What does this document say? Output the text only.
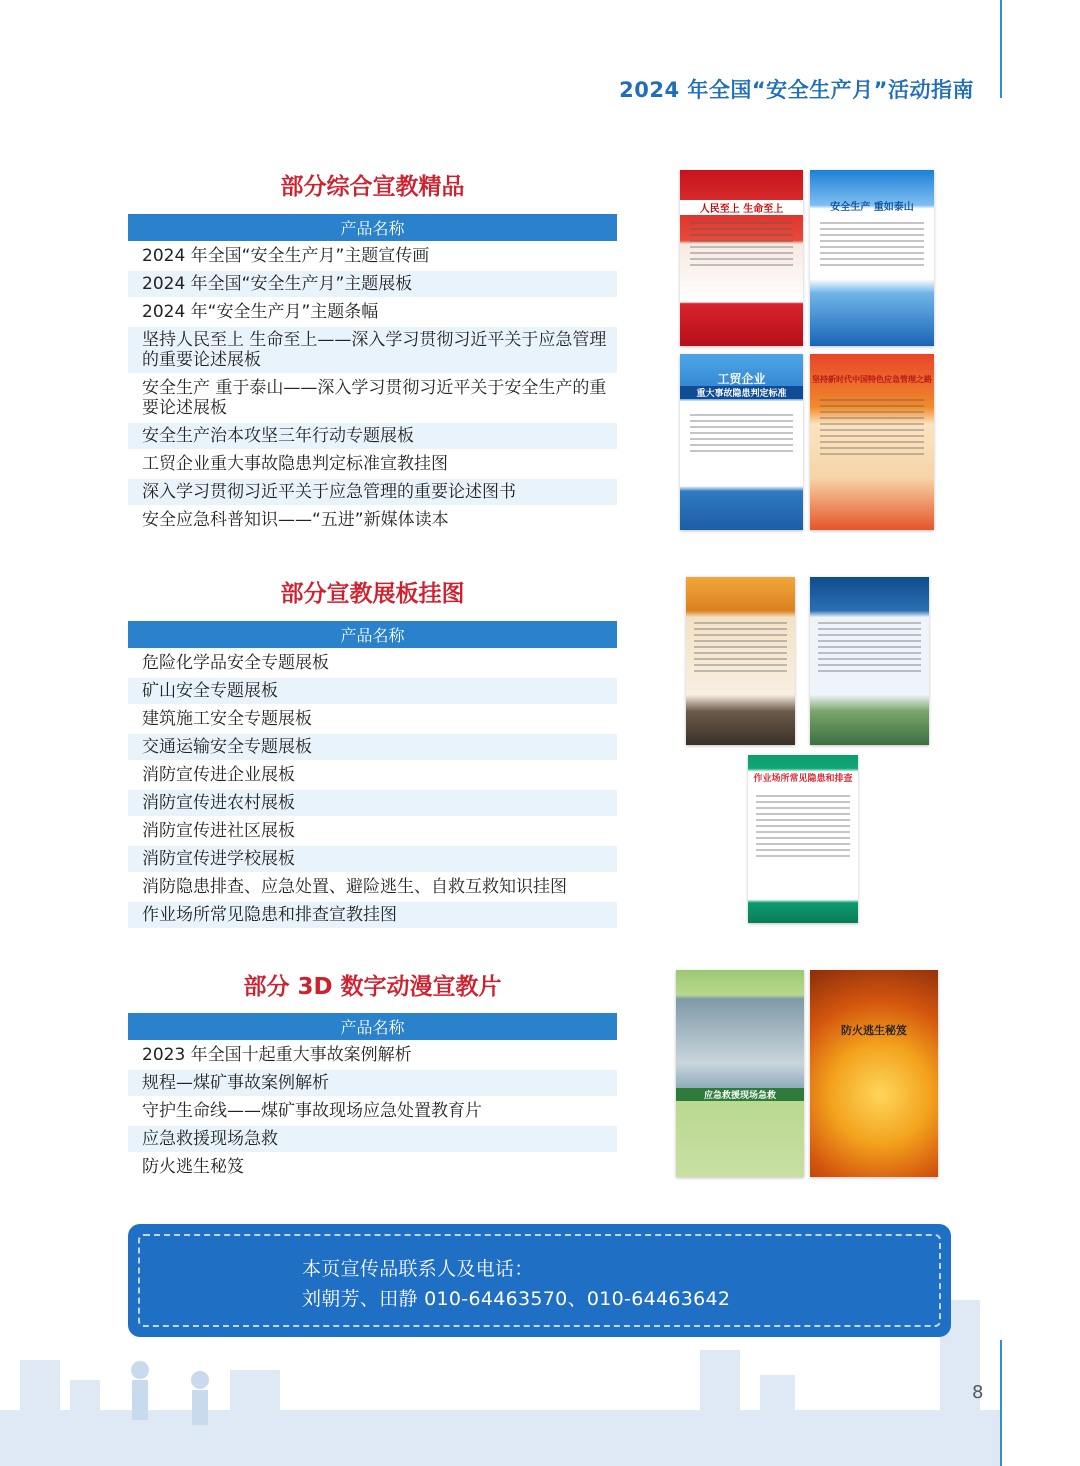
2024 年全国“安全生产月”活动指南
部分综合宣教精品
产品名称
2024 年全国“安全生产月”主题宣传画
2024 年全国“安全生产月”主题展板
2024 年“安全生产月”主题条幅
坚持人民至上 生命至上——深入学习贯彻习近平关于应急管理的重要论述展板
安全生产 重于泰山——深入学习贯彻习近平关于安全生产的重要论述展板
安全生产治本攻坚三年行动专题展板
工贸企业重大事故隐患判定标准宣教挂图
深入学习贯彻习近平关于应急管理的重要论述图书
安全应急科普知识——“五进”新媒体读本
部分宣教展板挂图
产品名称
危险化学品安全专题展板
矿山安全专题展板
建筑施工安全专题展板
交通运输安全专题展板
消防宣传进企业展板
消防宣传进农村展板
消防宣传进社区展板
消防宣传进学校展板
消防隐患排查、应急处置、避险逃生、自救互救知识挂图
作业场所常见隐患和排查宣教挂图
部分 3D 数字动漫宣教片
产品名称
2023 年全国十起重大事故案例解析
规程—煤矿事故案例解析
守护生命线——煤矿事故现场应急处置教育片
应急救援现场急救
防火逃生秘笈
人民至上 生命至上	安全生产 重如泰山
工贸企业
重大事故隐患判定标准
坚持新时代中国特色应急管理之路
作业场所常见隐患和排查
应急救援现场急救
防火逃生秘笈
本页宣传品联系人及电话：
刘朝芳、田静 010-64463570、010-64463642
8
